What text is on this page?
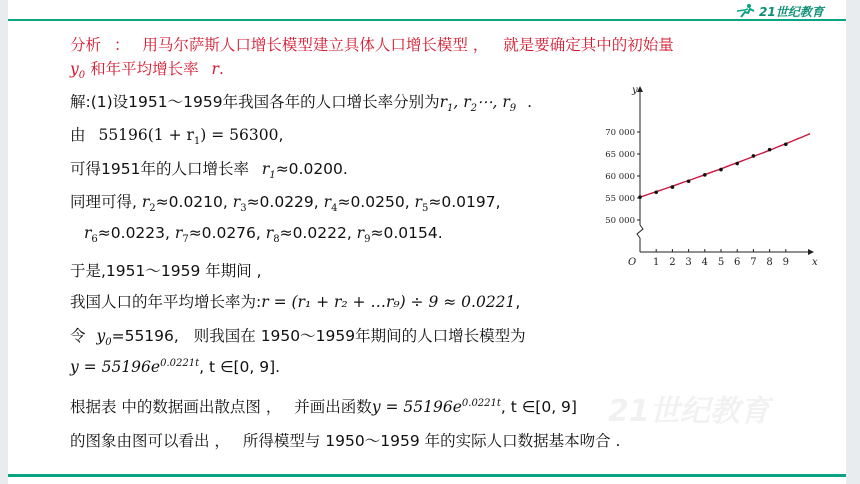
21世纪教育
分析 ： 用马尔萨斯人口增长模型建立具体人口增长模型 ， 就是要确定其中的初始量
$y_0$ 和年平均增长率 r.
解:(1)设1951～1959年我国各年的人口增长率分别为$r_1$, $r_2\cdots$, $r_9$ .
由 $55196(1 + r_1) = 56300$,
可得1951年的人口增长率 $r_1\approx 0.0200$.
同理可得, $r_2\approx 0.0210$, $r_3\approx 0.0229$, $r_4\approx 0.0250$, $r_5\approx 0.0197$,
$r_6\approx 0.0223$, $r_7\approx 0.0276$, $r_8\approx 0.0222$, $r_9\approx 0.0154$.
于是,1951～1959 年期间 ,
我国人口的年平均增长率为:r = (r₁ + r₂ + …r₉) ÷ 9 ≈ 0.0221,
令 $y_0=55196$, 则我国在 1950～1959年期间的人口增长模型为
$y = 55196e^{0.0221t}$, t ∈[0, 9].
根据表 中的数据画出散点图 ， 并画出函数$y = 55196e^{0.0221t}$, t ∈[0, 9]
的图象由图可以看出 ， 所得模型与 1950～1959 年的实际人口数据基本吻合 .
x
y
O
50 000
55 000
60 000
65 000
70 000
1 2 3 4 5 6 7 8 9
21世纪教育
